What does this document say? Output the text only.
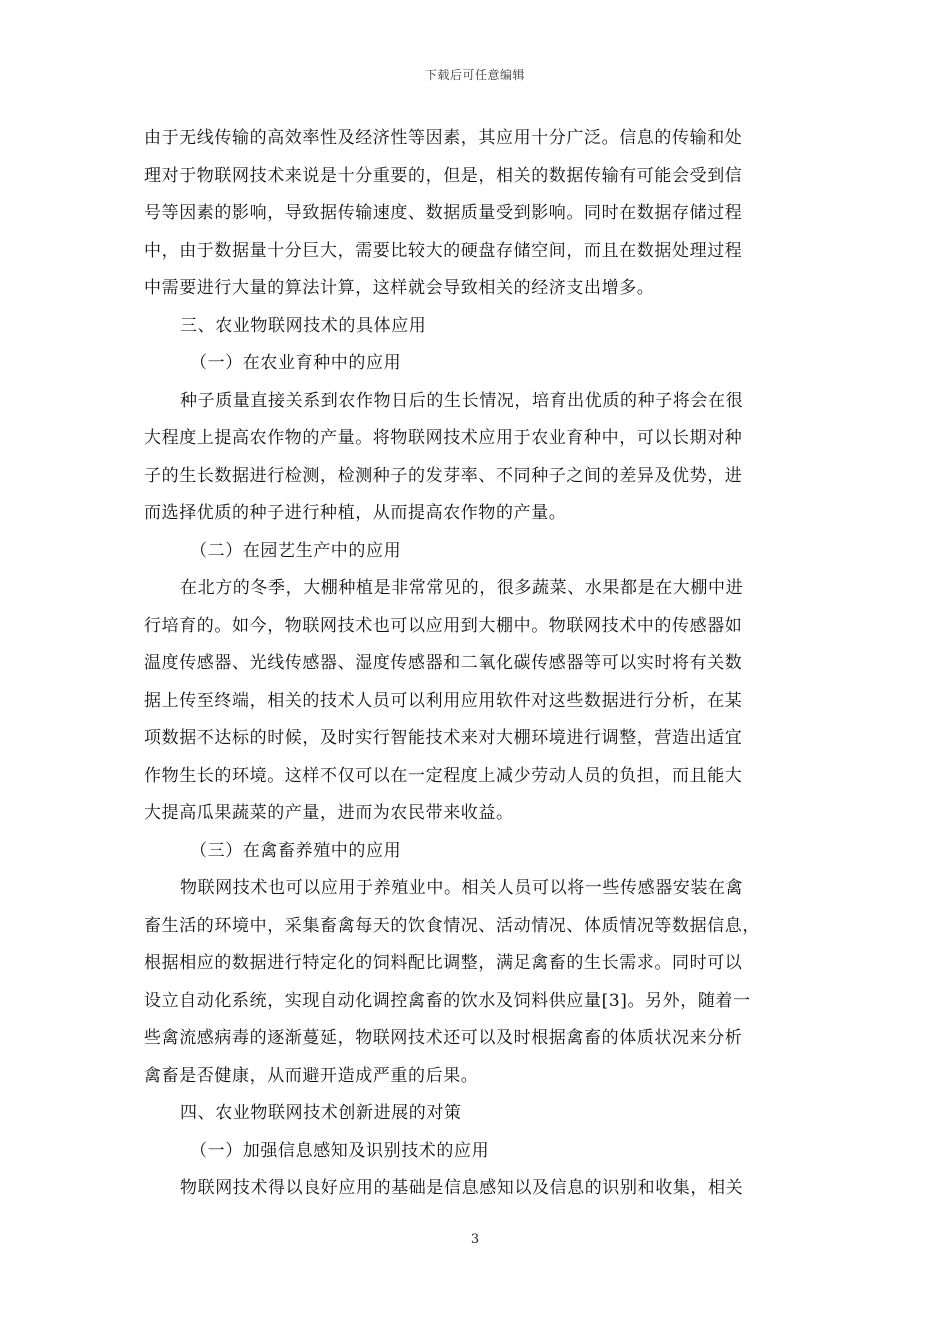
下载后可任意编辑
由于无线传输的高效率性及经济性等因素，其应用十分广泛。信息的传输和处
理对于物联网技术来说是十分重要的，但是，相关的数据传输有可能会受到信
号等因素的影响，导致据传输速度、数据质量受到影响。同时在数据存储过程
中，由于数据量十分巨大，需要比较大的硬盘存储空间，而且在数据处理过程
中需要进行大量的算法计算，这样就会导致相关的经济支出增多。
三、农业物联网技术的具体应用
（一）在农业育种中的应用
种子质量直接关系到农作物日后的生长情况，培育出优质的种子将会在很
大程度上提高农作物的产量。将物联网技术应用于农业育种中，可以长期对种
子的生长数据进行检测，检测种子的发芽率、不同种子之间的差异及优势，进
而选择优质的种子进行种植，从而提高农作物的产量。
（二）在园艺生产中的应用
在北方的冬季，大棚种植是非常常见的，很多蔬菜、水果都是在大棚中进
行培育的。如今，物联网技术也可以应用到大棚中。物联网技术中的传感器如
温度传感器、光线传感器、湿度传感器和二氧化碳传感器等可以实时将有关数
据上传至终端，相关的技术人员可以利用应用软件对这些数据进行分析，在某
项数据不达标的时候，及时实行智能技术来对大棚环境进行调整，营造出适宜
作物生长的环境。这样不仅可以在一定程度上减少劳动人员的负担，而且能大
大提高瓜果蔬菜的产量，进而为农民带来收益。
（三）在禽畜养殖中的应用
物联网技术也可以应用于养殖业中。相关人员可以将一些传感器安装在禽
畜生活的环境中，采集畜禽每天的饮食情况、活动情况、体质情况等数据信息，
根据相应的数据进行特定化的饲料配比调整，满足禽畜的生长需求。同时可以
设立自动化系统，实现自动化调控禽畜的饮水及饲料供应量[3]。另外，随着一
些禽流感病毒的逐渐蔓延，物联网技术还可以及时根据禽畜的体质状况来分析
禽畜是否健康，从而避开造成严重的后果。
四、农业物联网技术创新进展的对策
（一）加强信息感知及识别技术的应用
物联网技术得以良好应用的基础是信息感知以及信息的识别和收集，相关
3
